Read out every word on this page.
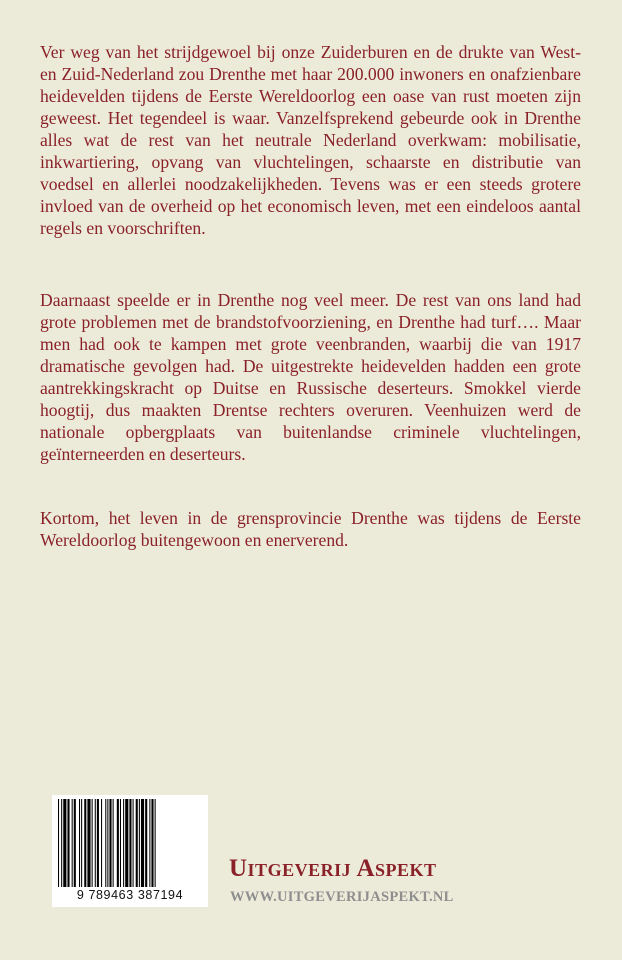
Ver weg van het strijdgewoel bij onze Zuiderburen en de drukte van West- en Zuid-Nederland zou Drenthe met haar 200.000 inwoners en onafzienbare heidevelden tijdens de Eerste Wereldoorlog een oase van rust moeten zijn geweest. Het tegendeel is waar. Vanzelfsprekend gebeurde ook in Drenthe alles wat de rest van het neutrale Nederland overkwam: mobilisatie, inkwartiering, opvang van vluchtelingen, schaarste en distributie van voedsel en allerlei noodzakelijkheden. Tevens was er een steeds grotere invloed van de overheid op het economisch leven, met een eindeloos aantal regels en voorschriften.

Daarnaast speelde er in Drenthe nog veel meer. De rest van ons land had grote problemen met de brandstofvoorziening, en Drenthe had turf…. Maar men had ook te kampen met grote veenbranden, waarbij die van 1917 dramatische gevolgen had. De uitgestrekte heidevelden hadden een grote aantrekkingskracht op Duitse en Russische deserteurs. Smokkel vierde hoogtij, dus maakten Drentse rechters overuren. Veenhuizen werd de nationale opbergplaats van buitenlandse criminele vluchtelingen, geïnterneerden en deserteurs.

Kortom, het leven in de grensprovincie Drenthe was tijdens de Eerste Wereldoorlog buitengewoon en enerverend.

9 789463 387194
Uitgeverij Aspekt
WWW.UITGEVERIJASPEKT.NL
